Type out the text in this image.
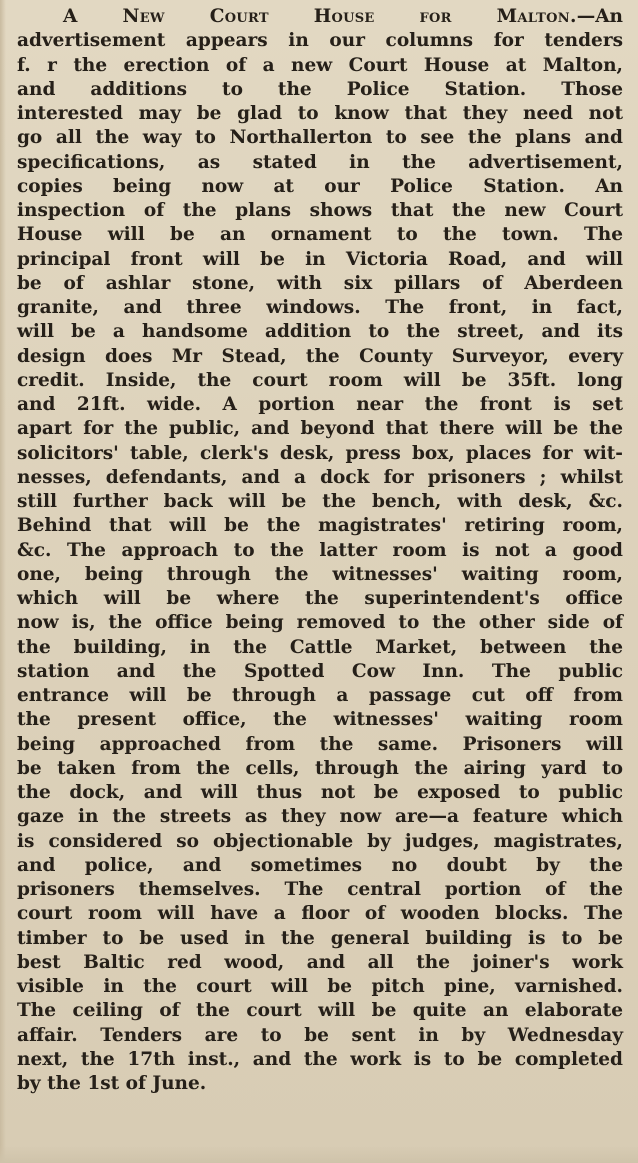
A New Court House for Malton.—An
advertisement appears in our columns for tenders
f. r the erection of a new Court House at Malton,
and additions to the Police Station. Those
interested may be glad to know that they need not
go all the way to Northallerton to see the plans and
specifications, as stated in the advertisement,
copies being now at our Police Station. An
inspection of the plans shows that the new Court
House will be an ornament to the town. The
principal front will be in Victoria Road, and will
be of ashlar stone, with six pillars of Aberdeen
granite, and three windows. The front, in fact,
will be a handsome addition to the street, and its
design does Mr Stead, the County Surveyor, every
credit. Inside, the court room will be 35ft. long
and 21ft. wide. A portion near the front is set
apart for the public, and beyond that there will be the
solicitors' table, clerk's desk, press box, places for wit-
nesses, defendants, and a dock for prisoners ; whilst
still further back will be the bench, with desk, &c.
Behind that will be the magistrates' retiring room,
&c. The approach to the latter room is not a good
one, being through the witnesses' waiting room,
which will be where the superintendent's office
now is, the office being removed to the other side of
the building, in the Cattle Market, between the
station and the Spotted Cow Inn. The public
entrance will be through a passage cut off from
the present office, the witnesses' waiting room
being approached from the same. Prisoners will
be taken from the cells, through the airing yard to
the dock, and will thus not be exposed to public
gaze in the streets as they now are—a feature which
is considered so objectionable by judges, magistrates,
and police, and sometimes no doubt by the
prisoners themselves. The central portion of the
court room will have a floor of wooden blocks. The
timber to be used in the general building is to be
best Baltic red wood, and all the joiner's work
visible in the court will be pitch pine, varnished.
The ceiling of the court will be quite an elaborate
affair. Tenders are to be sent in by Wednesday
next, the 17th inst., and the work is to be completed
by the 1st of June.
